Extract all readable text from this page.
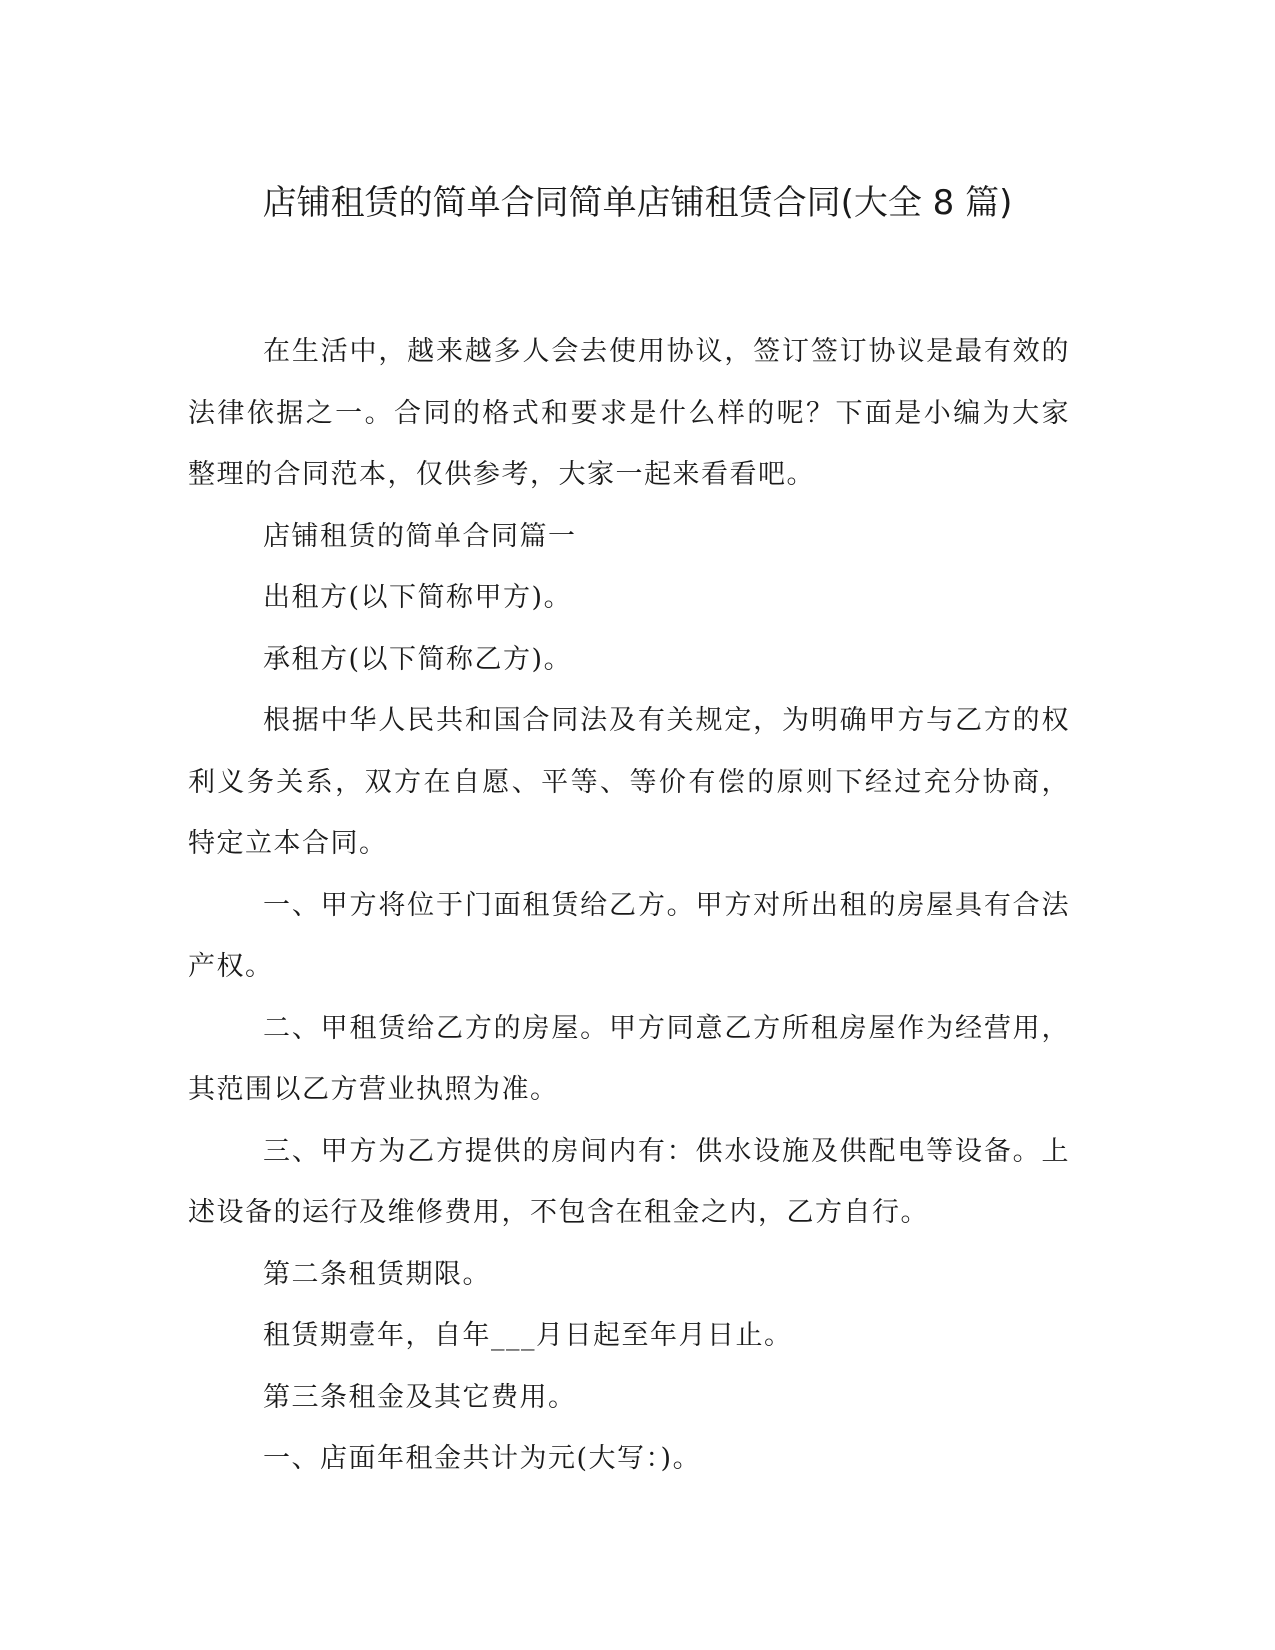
店铺租赁的简单合同简单店铺租赁合同(大全 8 篇)

在生活中，越来越多人会去使用协议，签订签订协议是最有效的法律依据之一。合同的格式和要求是什么样的呢？下面是小编为大家整理的合同范本，仅供参考，大家一起来看看吧。

店铺租赁的简单合同篇一

出租方(以下简称甲方)。

承租方(以下简称乙方)。

根据中华人民共和国合同法及有关规定，为明确甲方与乙方的权利义务关系，双方在自愿、平等、等价有偿的原则下经过充分协商，特定立本合同。

一、甲方将位于门面租赁给乙方。甲方对所出租的房屋具有合法产权。

二、甲租赁给乙方的房屋。甲方同意乙方所租房屋作为经营用，其范围以乙方营业执照为准。

三、甲方为乙方提供的房间内有：供水设施及供配电等设备。上述设备的运行及维修费用，不包含在租金之内，乙方自行。

第二条租赁期限。

租赁期壹年，自年___月日起至年月日止。

第三条租金及其它费用。

一、店面年租金共计为元(大写：)。
